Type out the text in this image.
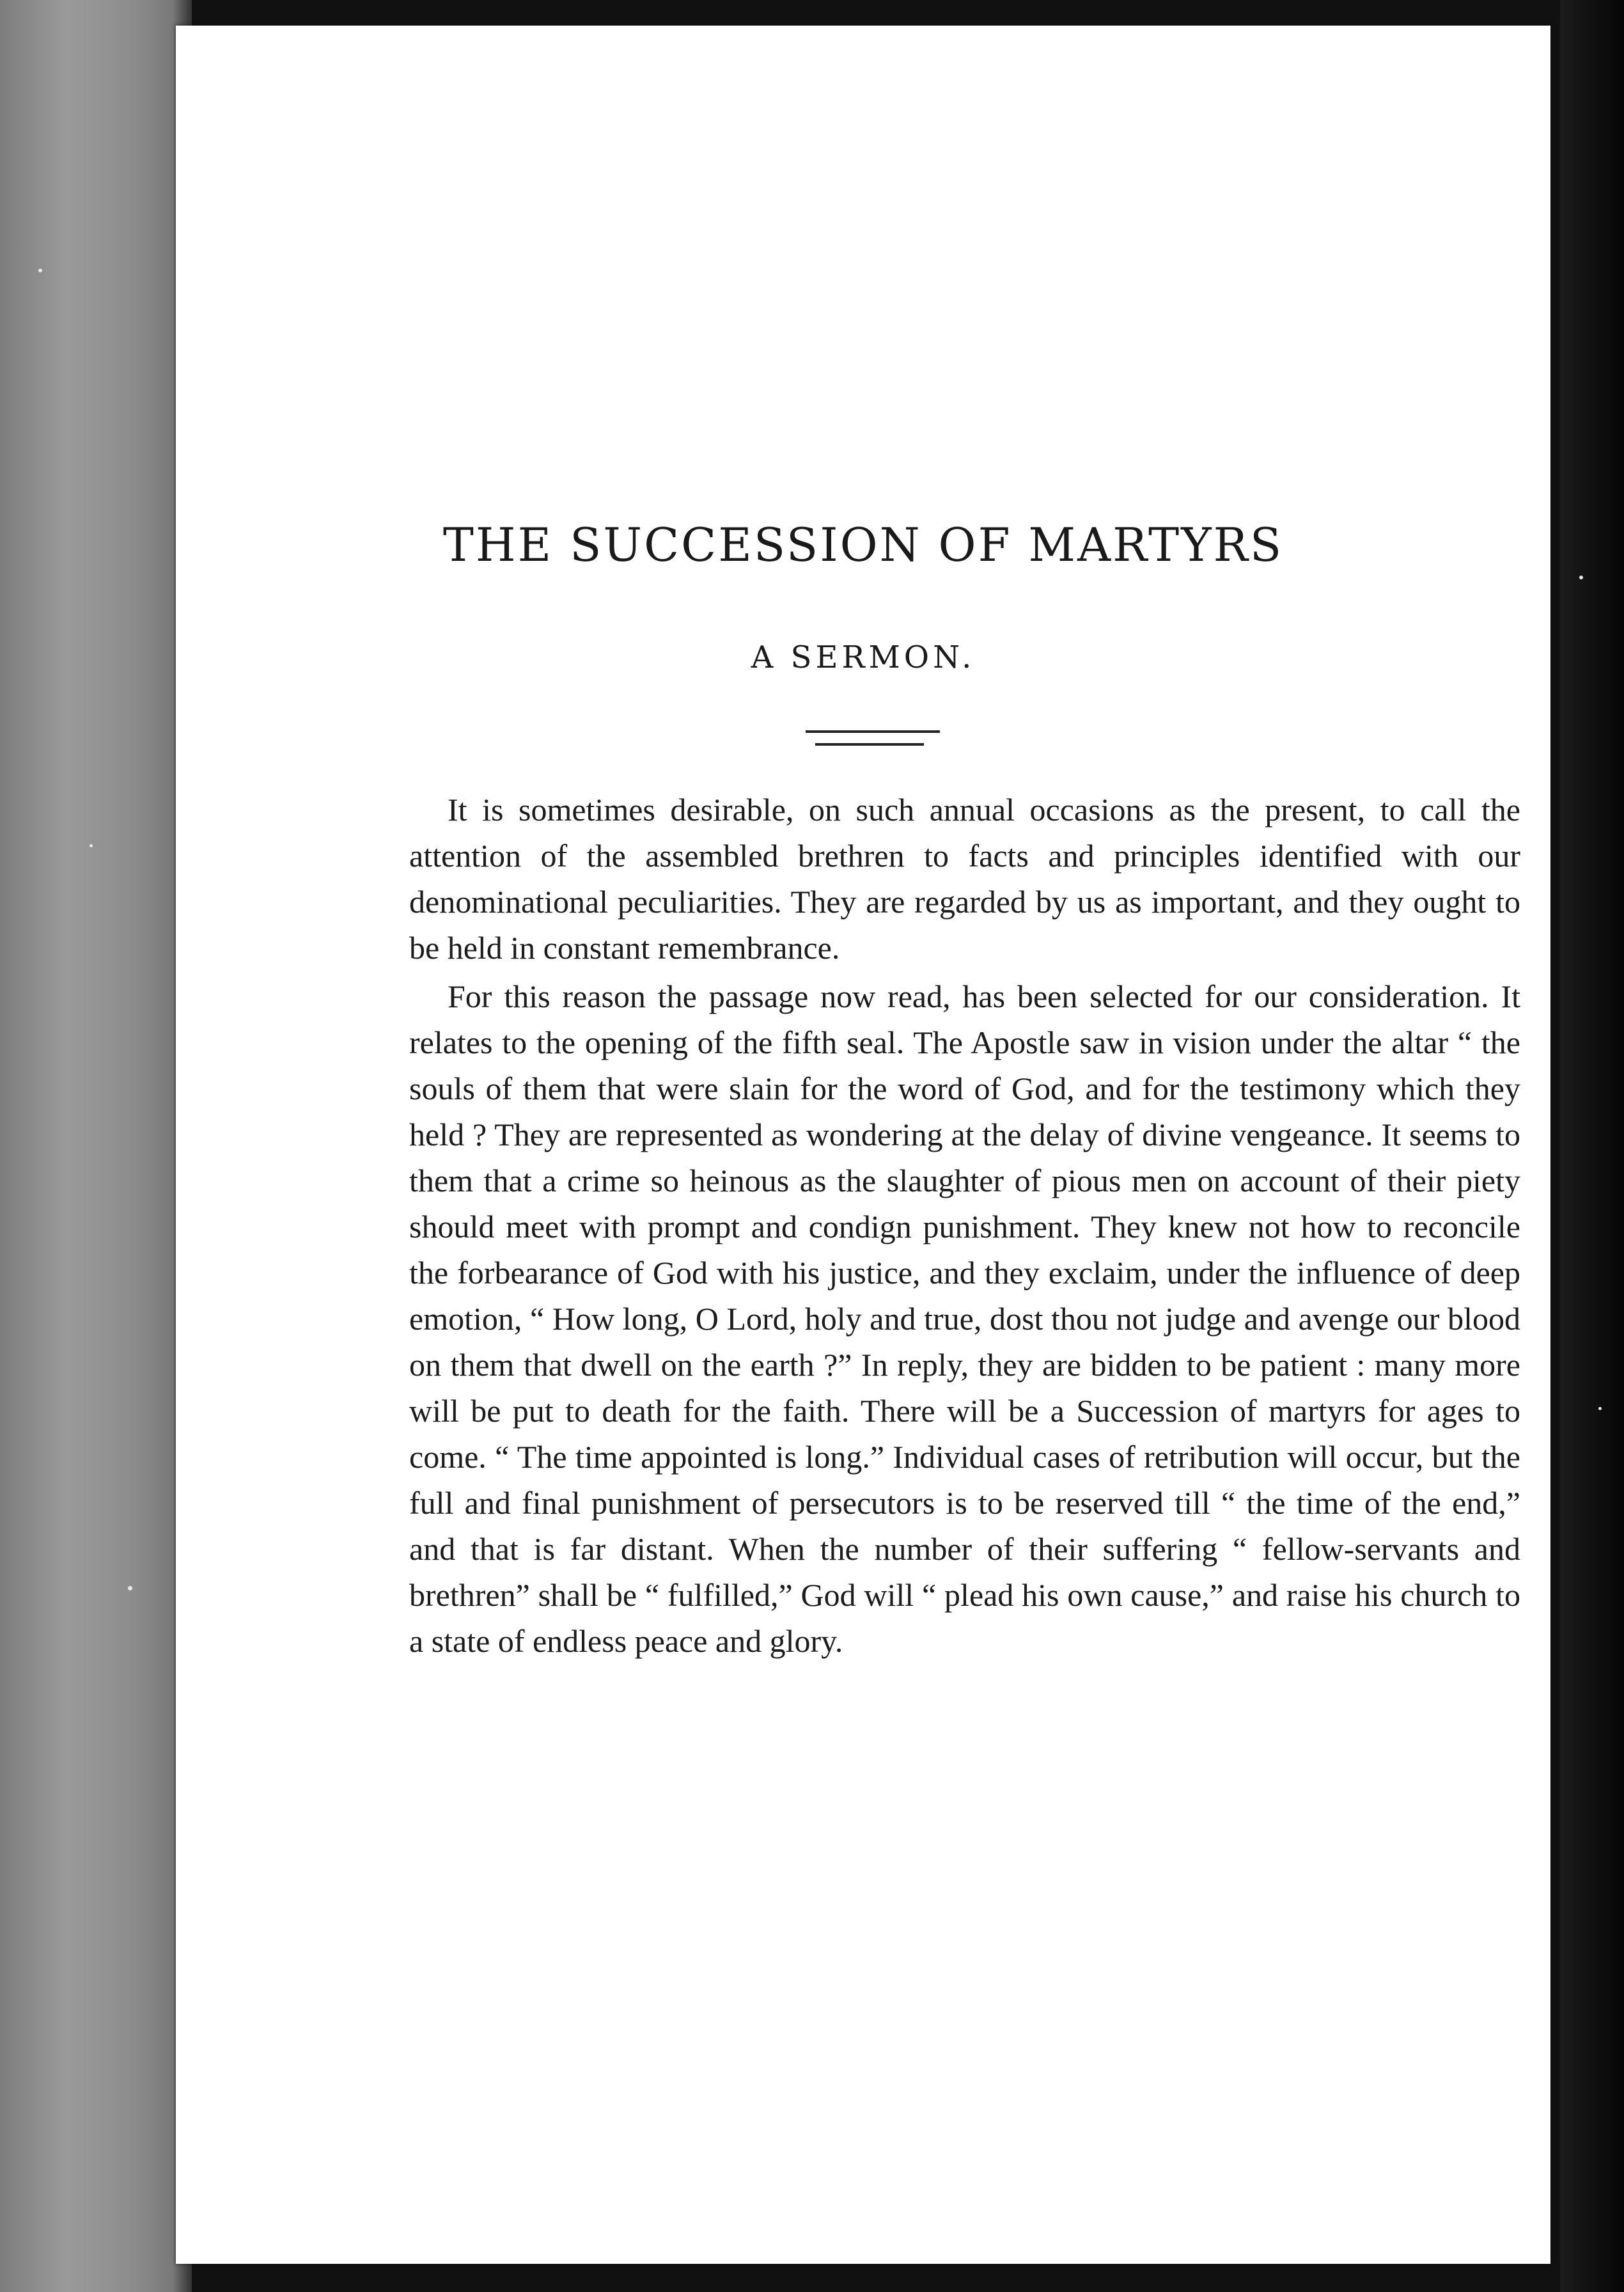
THE SUCCESSION OF MARTYRS
A SERMON.

It is sometimes desirable, on such annual occasions as the present, to call the attention of the assembled brethren to facts and principles identified with our denominational peculiarities. They are regarded by us as important, and they ought to be held in constant remembrance.

For this reason the passage now read, has been selected for our consideration. It relates to the opening of the fifth seal. The Apostle saw in vision under the altar “ the souls of them that were slain for the word of God, and for the testimony which they held ? They are represented as wondering at the delay of divine vengeance. It seems to them that a crime so heinous as the slaughter of pious men on account of their piety should meet with prompt and condign punishment. They knew not how to reconcile the forbearance of God with his justice, and they exclaim, under the influence of deep emotion, “ How long, O Lord, holy and true, dost thou not judge and avenge our blood on them that dwell on the earth ?” In reply, they are bidden to be patient : many more will be put to death for the faith. There will be a Succession of martyrs for ages to come. “ The time appointed is long.” Individual cases of retribution will occur, but the full and final punishment of persecutors is to be reserved till “ the time of the end,” and that is far distant. When the number of their suffering “ fellow-servants and brethren” shall be “ fulfilled,” God will “ plead his own cause,” and raise his church to a state of endless peace and glory.
